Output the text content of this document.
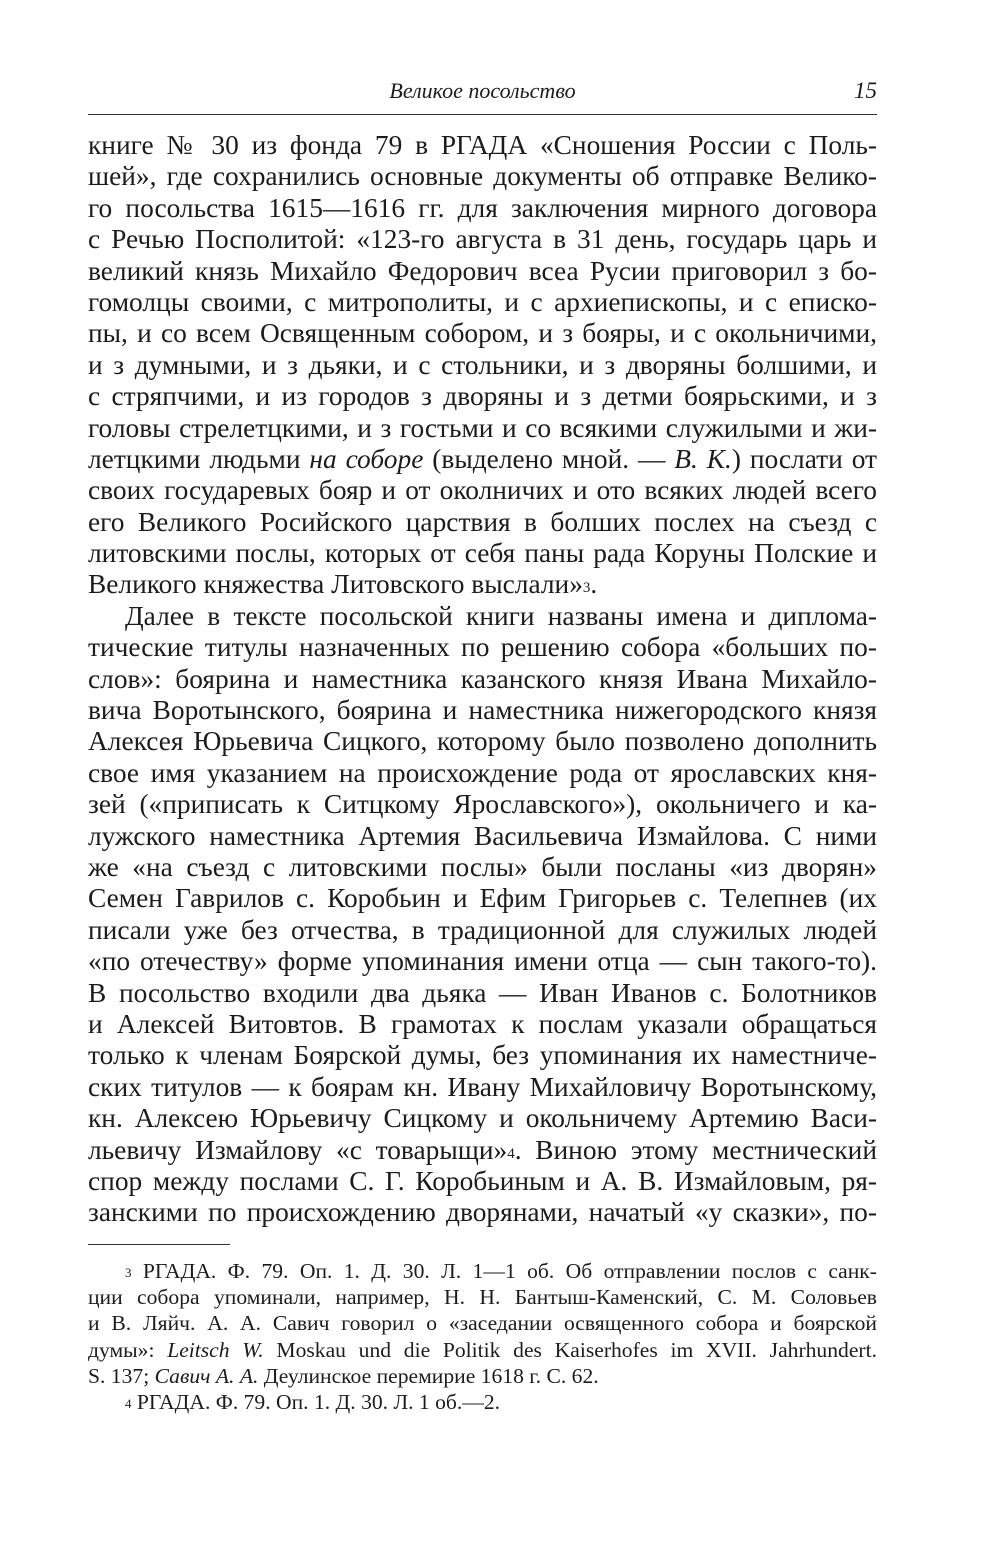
Великое посольство	15
книге № 30 из фонда 79 в РГАДА «Сношения России с Поль-
шей», где сохранились основные документы об отправке Велико-
го посольства 1615—1616 гг. для заключения мирного договора
с Речью Посполитой: «123-го августа в 31 день, государь царь и
великий князь Михайло Федорович всеа Русии приговорил з бо-
гомолцы своими, с митрополиты, и с архиепископы, и с еписко-
пы, и со всем Освященным собором, и з бояры, и с окольничими,
и з думными, и з дьяки, и с стольники, и з дворяны болшими, и
с стряпчими, и из городов з дворяны и з детми боярьскими, и з
головы стрелетцкими, и з гостьми и со всякими служилыми и жи-
летцкими людьми на соборе (выделено мной. — В. К.) послати от
своих государевых бояр и от околничих и ото всяких людей всего
его Великого Росийского царствия в болших послех на съезд с
литовскими послы, которых от себя паны рада Коруны Полские и
Великого княжества Литовского выслали»$^3$.
Далее в тексте посольской книги названы имена и диплома-
тические титулы назначенных по решению собора «больших по-
слов»: боярина и наместника казанского князя Ивана Михайло-
вича Воротынского, боярина и наместника нижегородского князя
Алексея Юрьевича Сицкого, которому было позволено дополнить
свое имя указанием на происхождение рода от ярославских кня-
зей («приписать к Ситцкому Ярославского»), окольничего и ка-
лужского наместника Артемия Васильевича Измайлова. С ними
же «на съезд с литовскими послы» были посланы «из дворян»
Семен Гаврилов с. Коробьин и Ефим Григорьев с. Телепнев (их
писали уже без отчества, в традиционной для служилых людей
«по отечеству» форме упоминания имени отца — сын такого-то).
В посольство входили два дьяка — Иван Иванов с. Болотников
и Алексей Витовтов. В грамотах к послам указали обращаться
только к членам Боярской думы, без упоминания их наместниче-
ских титулов — к боярам кн. Ивану Михайловичу Воротынскому,
кн. Алексею Юрьевичу Сицкому и окольничему Артемию Васи-
льевичу Измайлову «с товарыщи»$^4$. Виною этому местнический
спор между послами С. Г. Коробьиным и А. В. Измайловым, ря-
занскими по происхождению дворянами, начатый «у сказки», по-
$^3$ РГАДА. Ф. 79. Оп. 1. Д. 30. Л. 1—1 об. Об отправлении послов с санк-
ции собора упоминали, например, Н. Н. Бантыш-Каменский, С. М. Соловьев
и В. Ляйч. А. А. Савич говорил о «заседании освященного собора и боярской
думы»: Leitsch W. Moskau und die Politik des Kaiserhofes im XVII. Jahrhundert.
S. 137; Савич А. А. Деулинское перемирие 1618 г. С. 62.
$^4$ РГАДА. Ф. 79. Оп. 1. Д. 30. Л. 1 об.—2.
